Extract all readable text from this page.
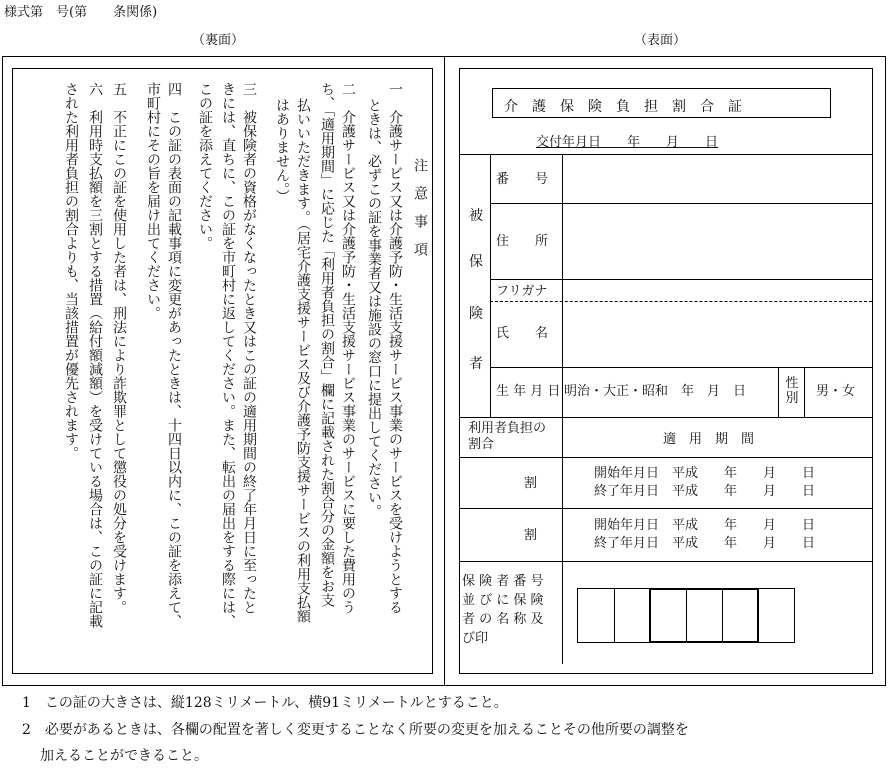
様式第　号(第　　条関係)
（裏面）	（表面）
注　意　事　項
一　介護サービス又は介護予防・生活支援サービス事業のサービスを受けようとする
ときは、必ずこの証を事業者又は施設の窓口に提出してください。
二　介護サービス又は介護予防・生活支援サービス事業のサービスに要した費用のう
ち、「適用期間」に応じた「利用者負担の割合」欄に記載された割合分の金額をお支
払いいただきます。（居宅介護支援サービス及び介護予防支援サービスの利用支払額
はありません。）
三　被保険者の資格がなくなったとき又はこの証の適用期間の終了年月日に至ったと
きには、直ちに、この証を市町村に返してください。また、転出の届出をする際には、
この証を添えてください。
四　この証の表面の記載事項に変更があったときは、十四日以内に、この証を添えて、
市町村にその旨を届け出てください。
五　不正にこの証を使用した者は、刑法により詐欺罪として懲役の処分を受けます。
六　利用時支払額を三割とする措置（給付額減額）を受けている場合は、この証に記載
された利用者負担の割合よりも、当該措置が優先されます。	介　護　保　険　負　担　割　合　証
交付年月日　　年　　月　　日
被
保
険
者
番　　号
住　　所
フリガナ
氏　　名
生 年 月 日 明治・大正・昭和　年　月　日
性別 男・女
利用者負担の割合	適　用　期　間
割
開始年月日　平成　　年　　月　　日
終了年月日　平成　　年　　月　　日
割
開始年月日　平成　　年　　月　　日
終了年月日　平成　　年　　月　　日
保 険 者 番 号
並 び に 保 険
者 の 名 称 及
び印
1　この証の大きさは、縦128ミリメートル、横91ミリメートルとすること。
2　必要があるときは、各欄の配置を著しく変更することなく所要の変更を加えることその他所要の調整を
加えることができること。
